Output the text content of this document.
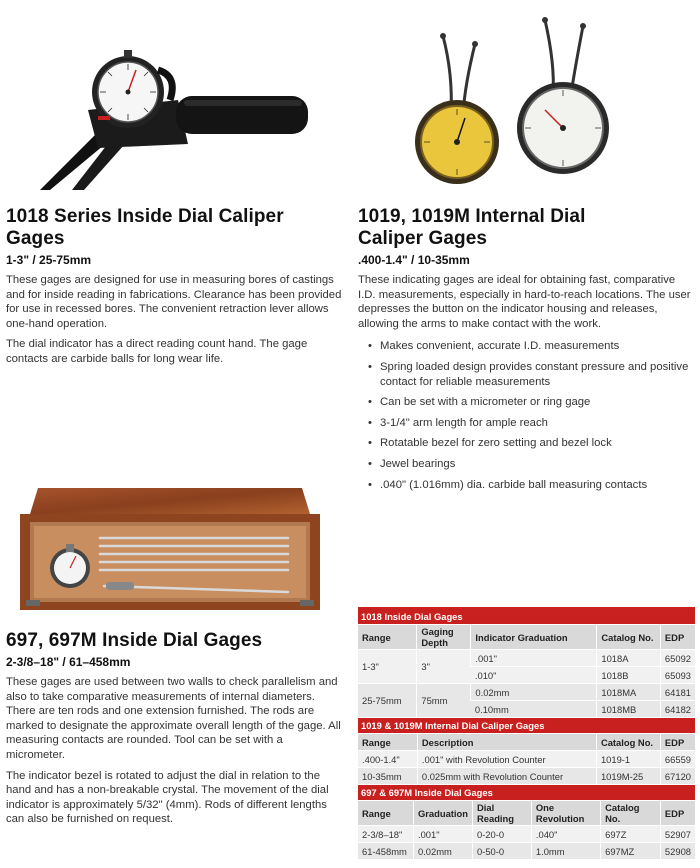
1018 Series Inside Dial Caliper
Gages
1-3" / 25-75mm

These gages are designed for use in measuring bores of castings and for inside reading in fabrications. Clearance has been provided for use in recessed bores. The convenient retraction lever allows one-hand operation.

The dial indicator has a direct reading count hand. The gage contacts are carbide balls for long wear life.

1019, 1019M Internal Dial
Caliper Gages
.400-1.4" / 10-35mm

These indicating gages are ideal for obtaining fast, comparative I.D. measurements, especially in hard-to-reach locations. The user depresses the button on the indicator housing and releases, allowing the arms to make contact with the work.

• Makes convenient, accurate I.D. measurements
• Spring loaded design provides constant pressure and positive contact for reliable measurements
• Can be set with a micrometer or ring gage
• 3-1/4" arm length for ample reach
• Rotatable bezel for zero setting and bezel lock
• Jewel bearings
• .040" (1.016mm) dia. carbide ball measuring contacts
697, 697M Inside Dial Gages
2-3/8–18" / 61–458mm

These gages are used between two walls to check parallelism and also to take comparative measurements of internal diameters. There are ten rods and one extension furnished. The rods are marked to designate the approximate overall length of the gage. All measuring contacts are rounded. Tool can be set with a micrometer.

The indicator bezel is rotated to adjust the dial in relation to the hand and has a non-breakable crystal. The movement of the dial indicator is approximately 5/32" (4mm). Rods of different lengths can also be furnished on request.

1018 Inside Dial Gages				
Range	Gaging Depth	Indicator Graduation	Catalog No.	EDP
1-3"	3"	.001"	1018A	65092
		.010"	1018B	65093
25-75mm	75mm	0.02mm	1018MA	64181
		0.10mm	1018MB	64182
1019 & 1019M Internal Dial Caliper Gages			
Range	Description	Catalog No.	EDP
.400-1.4"	.001" with Revolution Counter	1019-1	66559
10-35mm	0.025mm with Revolution Counter	1019M-25	67120
697 & 697M Inside Dial Gages					
Range	Graduation	Dial Reading	One Revolution	Catalog No.	EDP
2-3/8–18"	.001"	0-20-0	.040"	697Z	52907
61-458mm	0.02mm	0-50-0	1.0mm	697MZ	52908
